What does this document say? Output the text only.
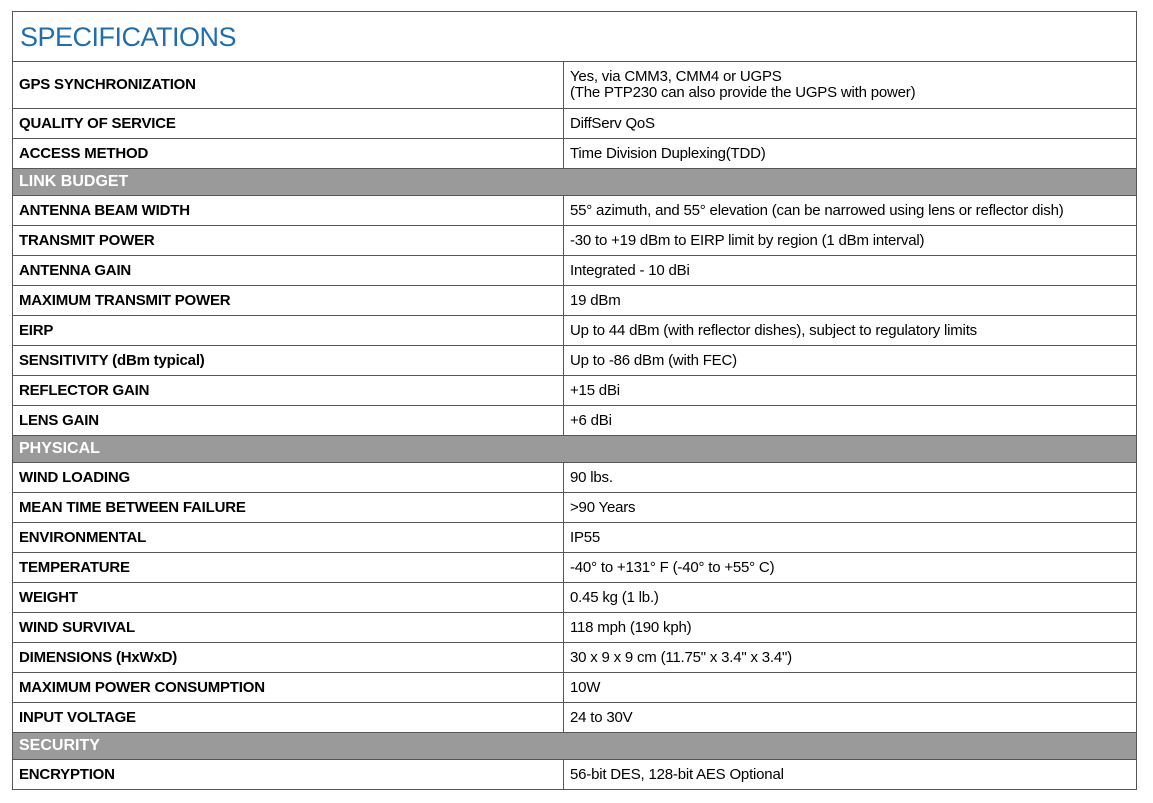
SPECIFICATIONS	
GPS SYNCHRONIZATION	Yes, via CMM3, CMM4 or UGPS
(The PTP230 can also provide the UGPS with power)

QUALITY OF SERVICE	DiffServ QoS

ACCESS METHOD	Time Division Duplexing(TDD)

LINK BUDGET	
ANTENNA BEAM WIDTH	55° azimuth, and 55° elevation (can be narrowed using lens or reflector dish)

TRANSMIT POWER	-30 to +19 dBm to EIRP limit by region (1 dBm interval)

ANTENNA GAIN	Integrated - 10 dBi

MAXIMUM TRANSMIT POWER	19 dBm

EIRP	Up to 44 dBm (with reflector dishes), subject to regulatory limits

SENSITIVITY (dBm typical)	Up to -86 dBm (with FEC)

REFLECTOR GAIN	+15 dBi

LENS GAIN	+6 dBi

PHYSICAL	
WIND LOADING	90 lbs.

MEAN TIME BETWEEN FAILURE	>90 Years

ENVIRONMENTAL	IP55

TEMPERATURE	-40° to +131° F (-40° to +55° C)

WEIGHT	0.45 kg (1 lb.)

WIND SURVIVAL	118 mph (190 kph)

DIMENSIONS (HxWxD)	30 x 9 x 9 cm (11.75" x 3.4" x 3.4")

MAXIMUM POWER CONSUMPTION	10W

INPUT VOLTAGE	24 to 30V

SECURITY	
ENCRYPTION	56-bit DES, 128-bit AES Optional
